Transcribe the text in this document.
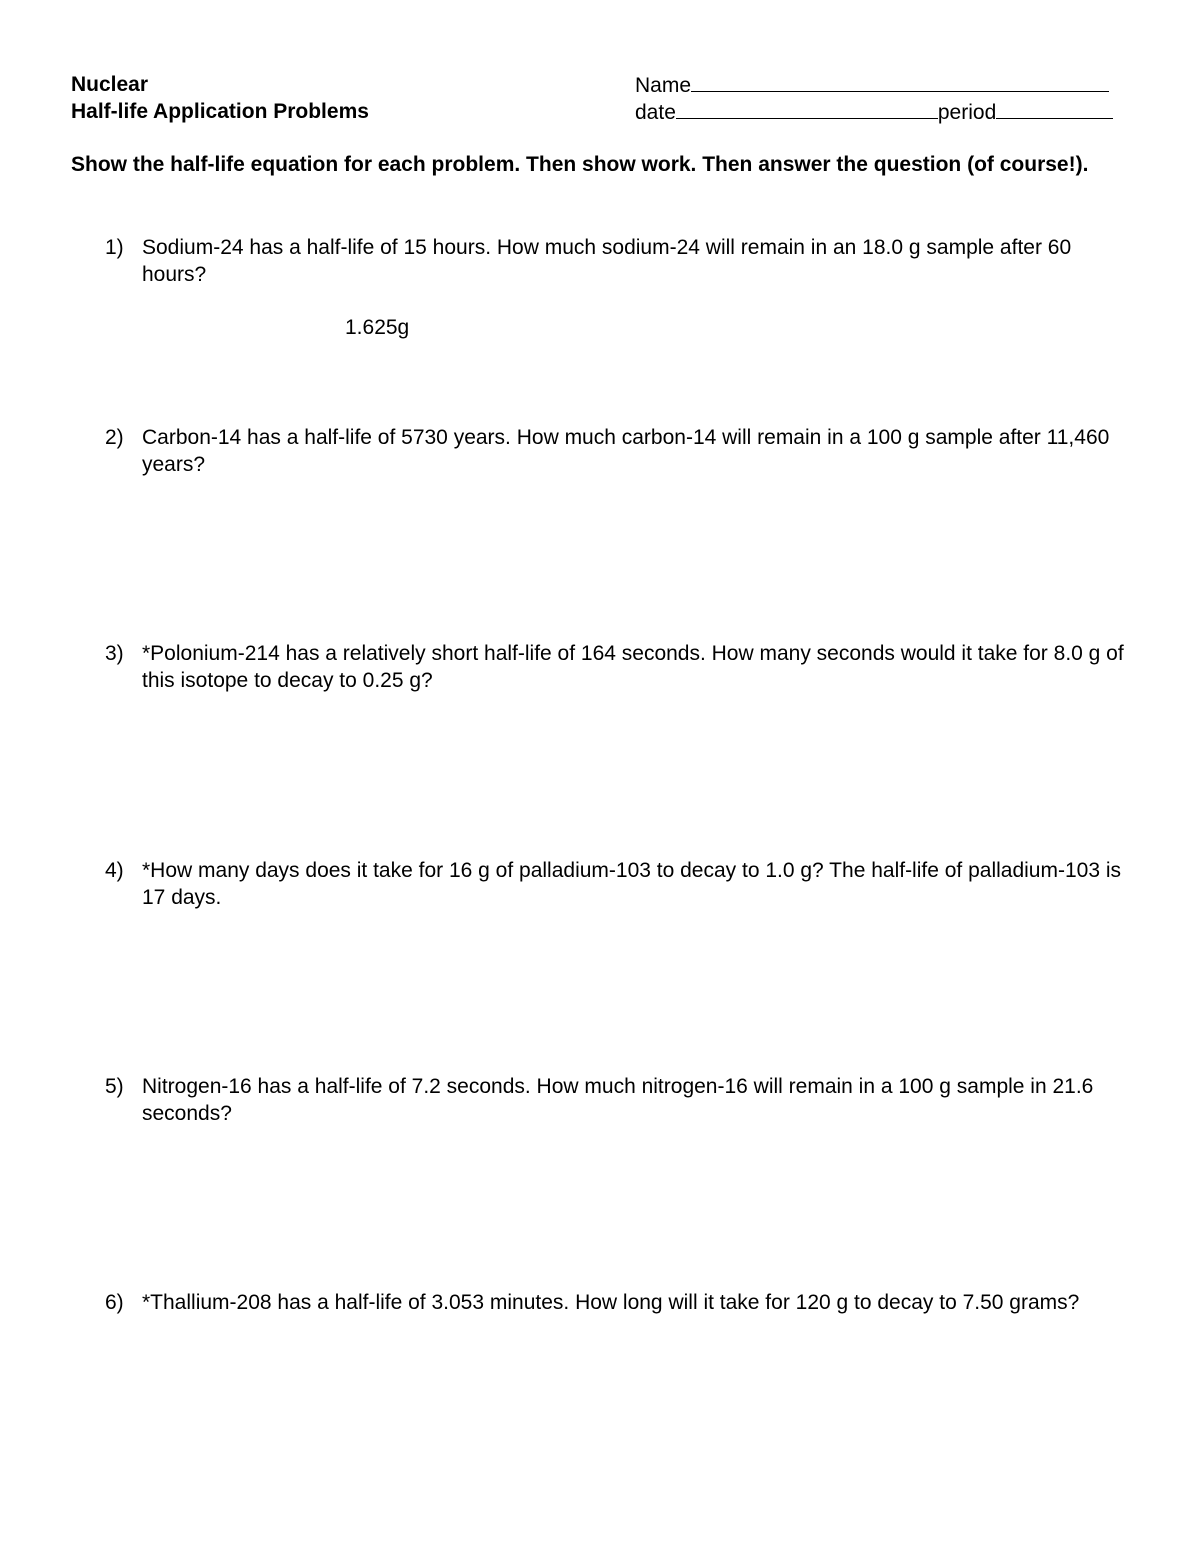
Nuclear
Half-life Application Problems
Name
date	period
Show the half-life equation for each problem. Then show work. Then answer the question (of course!).
1) Sodium-24 has a half-life of 15 hours. How much sodium-24 will remain in an 18.0 g sample after 60 hours?
1.625g
2) Carbon-14 has a half-life of 5730 years. How much carbon-14 will remain in a 100 g sample after 11,460 years?
3) *Polonium-214 has a relatively short half-life of 164 seconds. How many seconds would it take for 8.0 g of this isotope to decay to 0.25 g?
4) *How many days does it take for 16 g of palladium-103 to decay to 1.0 g? The half-life of palladium-103 is 17 days.
5) Nitrogen-16 has a half-life of 7.2 seconds. How much nitrogen-16 will remain in a 100 g sample in 21.6 seconds?
6) *Thallium-208 has a half-life of 3.053 minutes. How long will it take for 120 g to decay to 7.50 grams?
